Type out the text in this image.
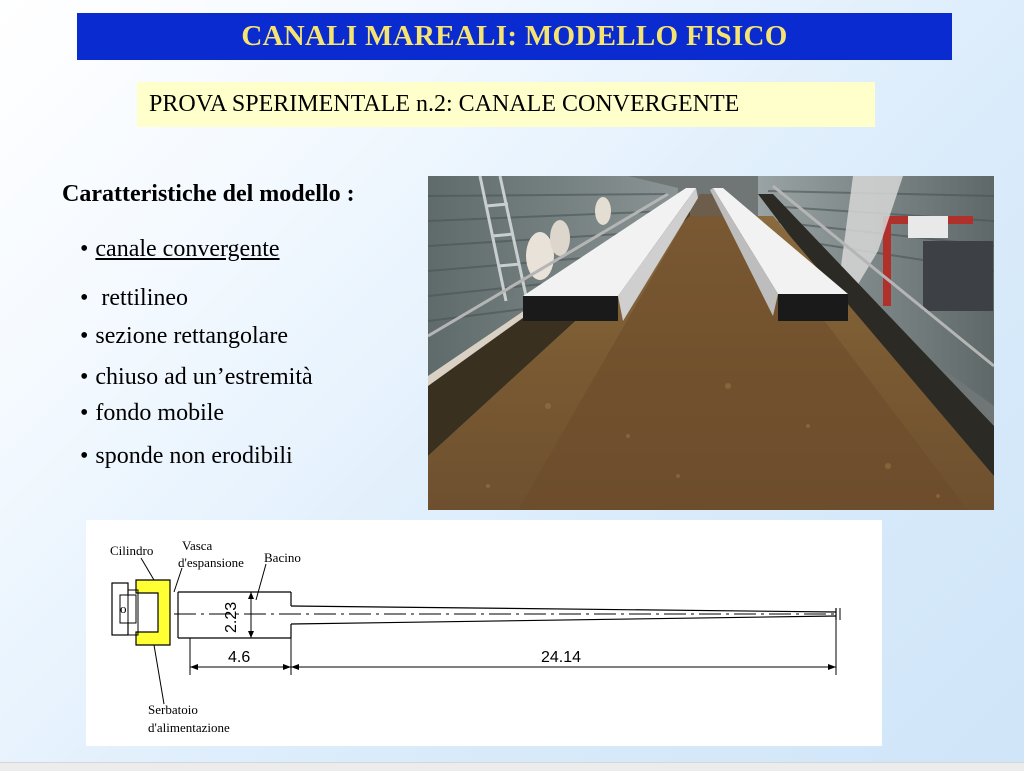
CANALI MAREALI: MODELLO FISICO
PROVA SPERIMENTALE n.2: CANALE CONVERGENTE

Caratteristiche del modello :

• canale convergente
• rettilineo
• sezione rettangolare
• chiuso ad un’estremità
• fondo mobile
• sponde non erodibili
o	2.23
4.6	24.14
Cilindro Vasca
d'espansione Bacino
Serbatoio
d'alimentazione
